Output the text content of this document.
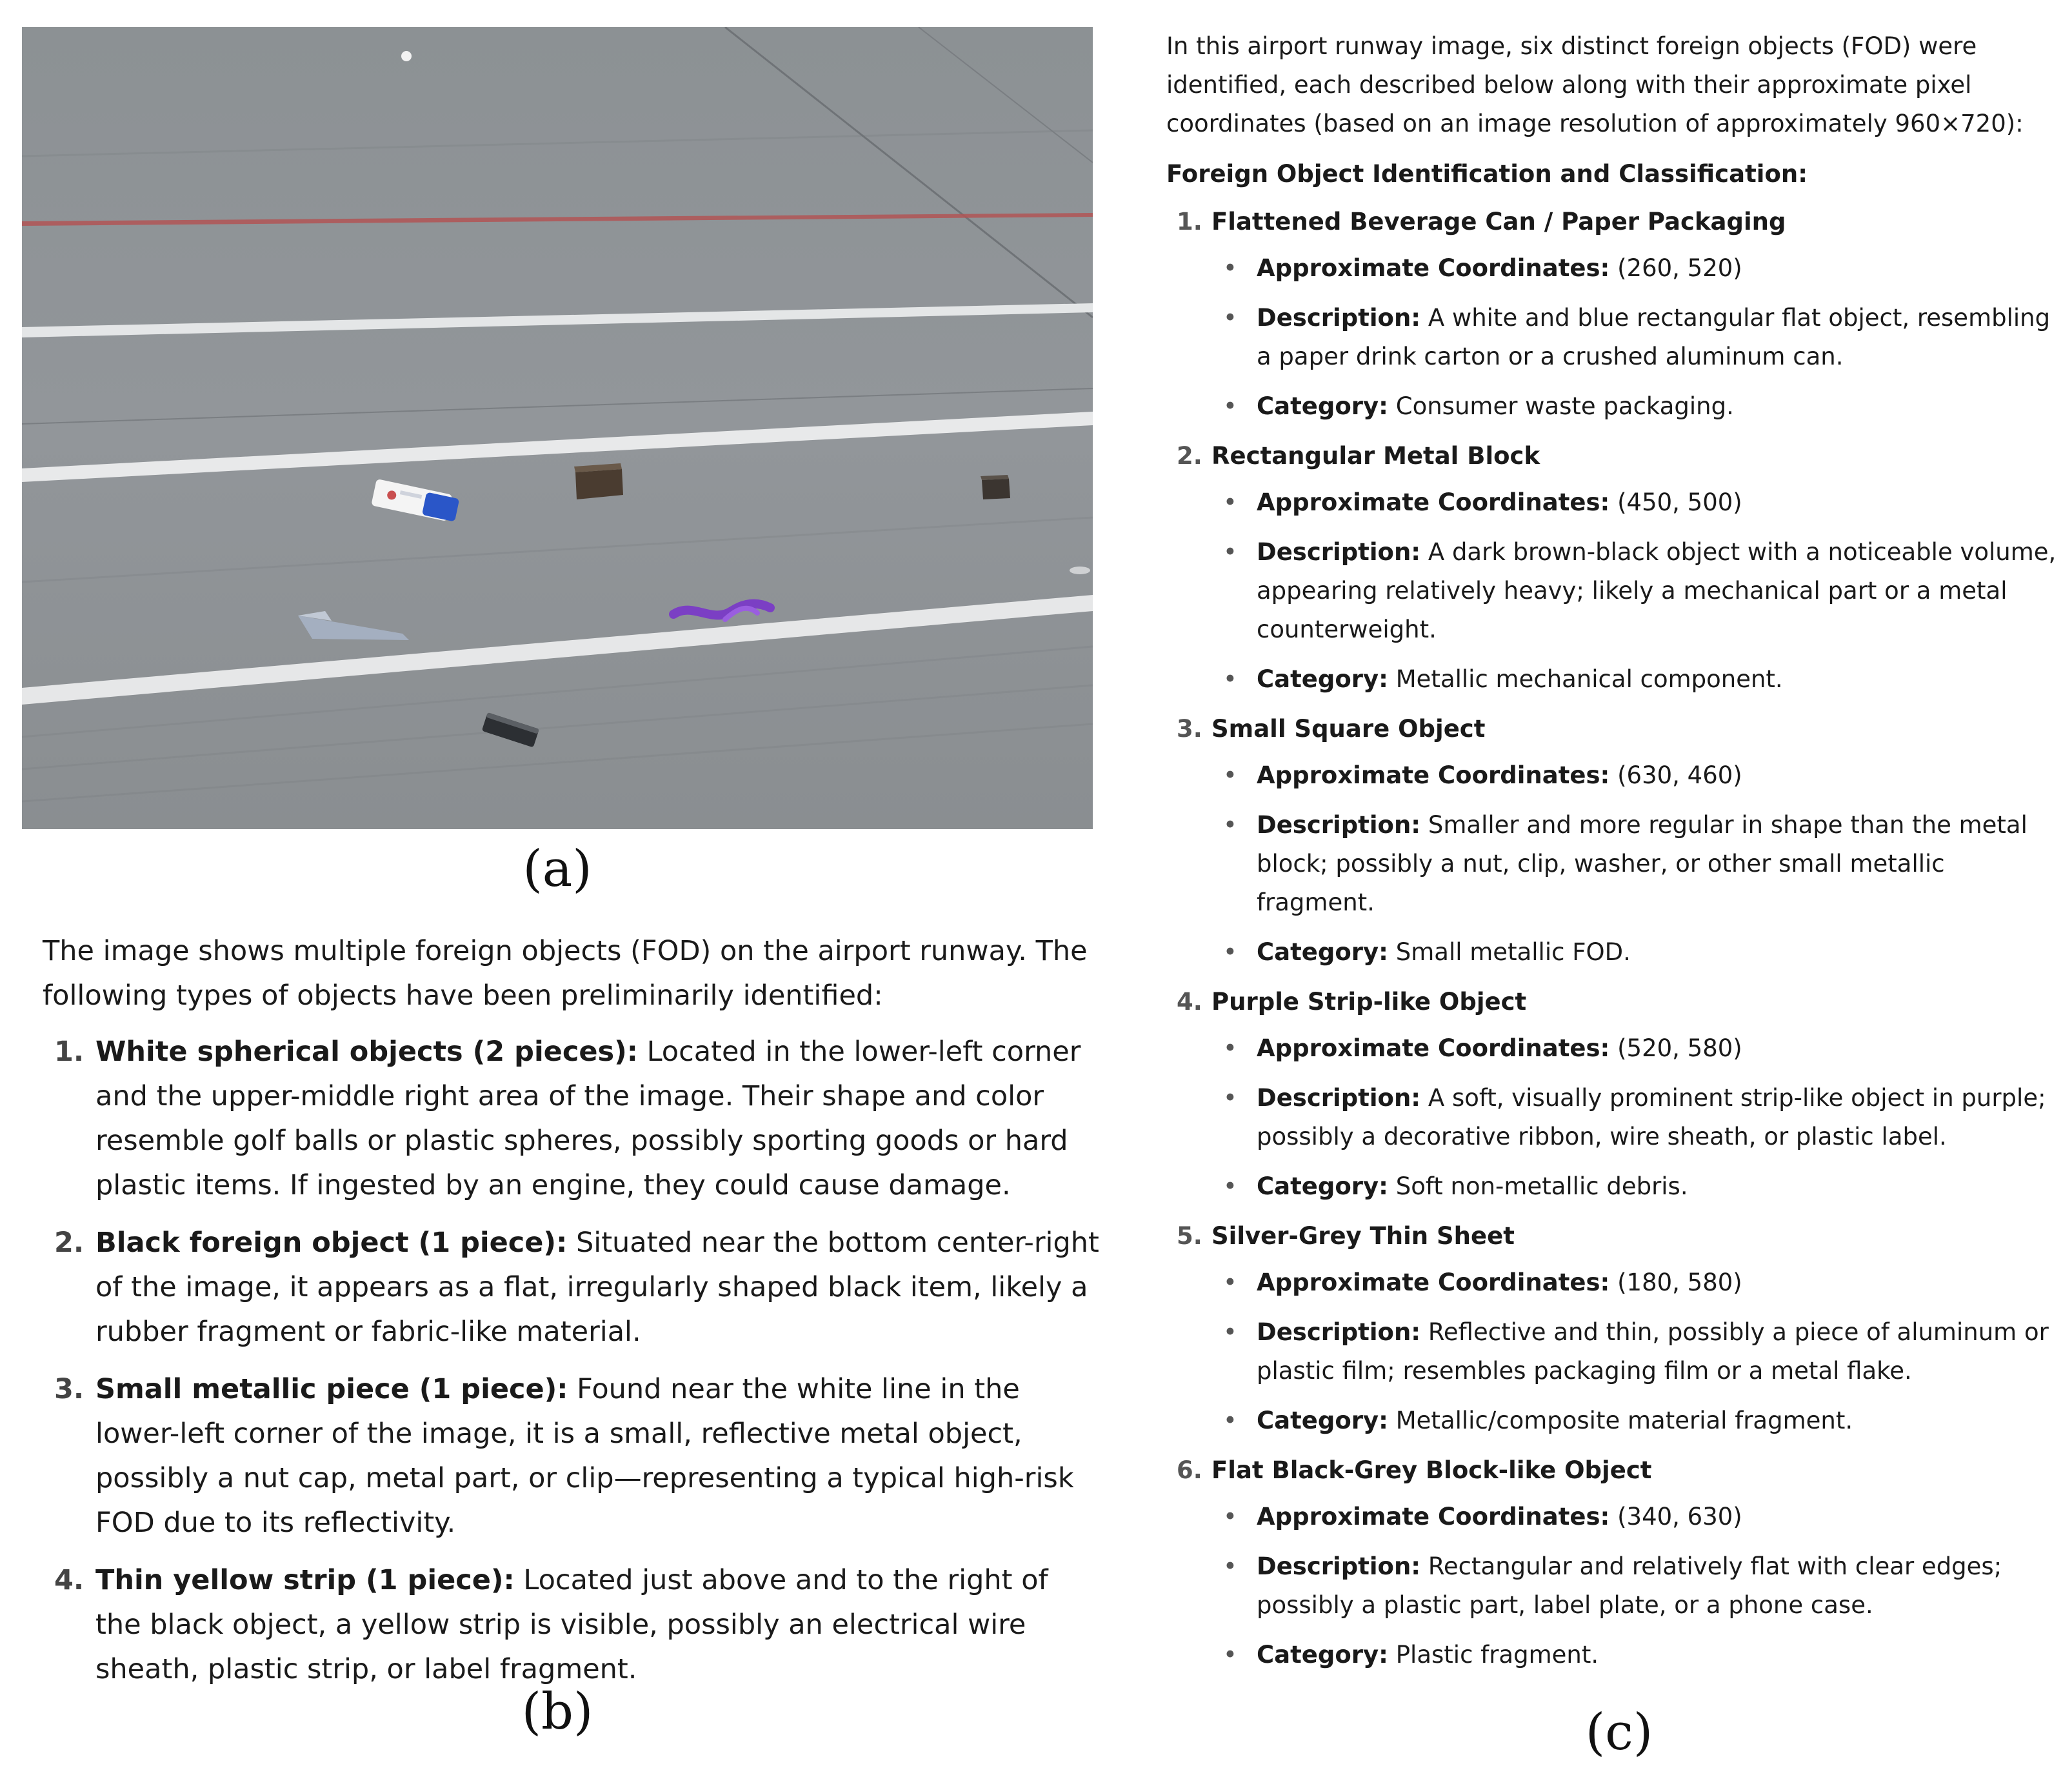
(a)

The image shows multiple foreign objects (FOD) on the airport runway. The following types of objects have been preliminarily identified:

1. White spherical objects (2 pieces): Located in the lower-left corner and the upper-middle right area of the image. Their shape and color resemble golf balls or plastic spheres, possibly sporting goods or hard plastic items. If ingested by an engine, they could cause damage.
2. Black foreign object (1 piece): Situated near the bottom center-right of the image, it appears as a flat, irregularly shaped black item, likely a rubber fragment or fabric-like material.
3. Small metallic piece (1 piece): Found near the white line in the lower-left corner of the image, it is a small, reflective metal object, possibly a nut cap, metal part, or clip—representing a typical high-risk FOD due to its reflectivity.
4. Thin yellow strip (1 piece): Located just above and to the right of the black object, a yellow strip is visible, possibly an electrical wire sheath, plastic strip, or label fragment.
(b)

In this airport runway image, six distinct foreign objects (FOD) were identified, each described below along with their approximate pixel coordinates (based on an image resolution of approximately 960×720):

Foreign Object Identification and Classification:

1. Flattened Beverage Can / Paper Packaging
• Approximate Coordinates: (260, 520)
• Description: A white and blue rectangular flat object, resembling a paper drink carton or a crushed aluminum can.
• Category: Consumer waste packaging.
2. Rectangular Metal Block
• Approximate Coordinates: (450, 500)
• Description: A dark brown-black object with a noticeable volume, appearing relatively heavy; likely a mechanical part or a metal counterweight.
• Category: Metallic mechanical component.
3. Small Square Object
• Approximate Coordinates: (630, 460)
• Description: Smaller and more regular in shape than the metal block; possibly a nut, clip, washer, or other small metallic fragment.
• Category: Small metallic FOD.
4. Purple Strip-like Object
• Approximate Coordinates: (520, 580)
• Description: A soft, visually prominent strip-like object in purple; possibly a decorative ribbon, wire sheath, or plastic label.
• Category: Soft non-metallic debris.
5. Silver-Grey Thin Sheet
• Approximate Coordinates: (180, 580)
• Description: Reflective and thin, possibly a piece of aluminum or plastic film; resembles packaging film or a metal flake.
• Category: Metallic/composite material fragment.
6. Flat Black-Grey Block-like Object
• Approximate Coordinates: (340, 630)
• Description: Rectangular and relatively flat with clear edges; possibly a plastic part, label plate, or a phone case.
• Category: Plastic fragment.
(c)
